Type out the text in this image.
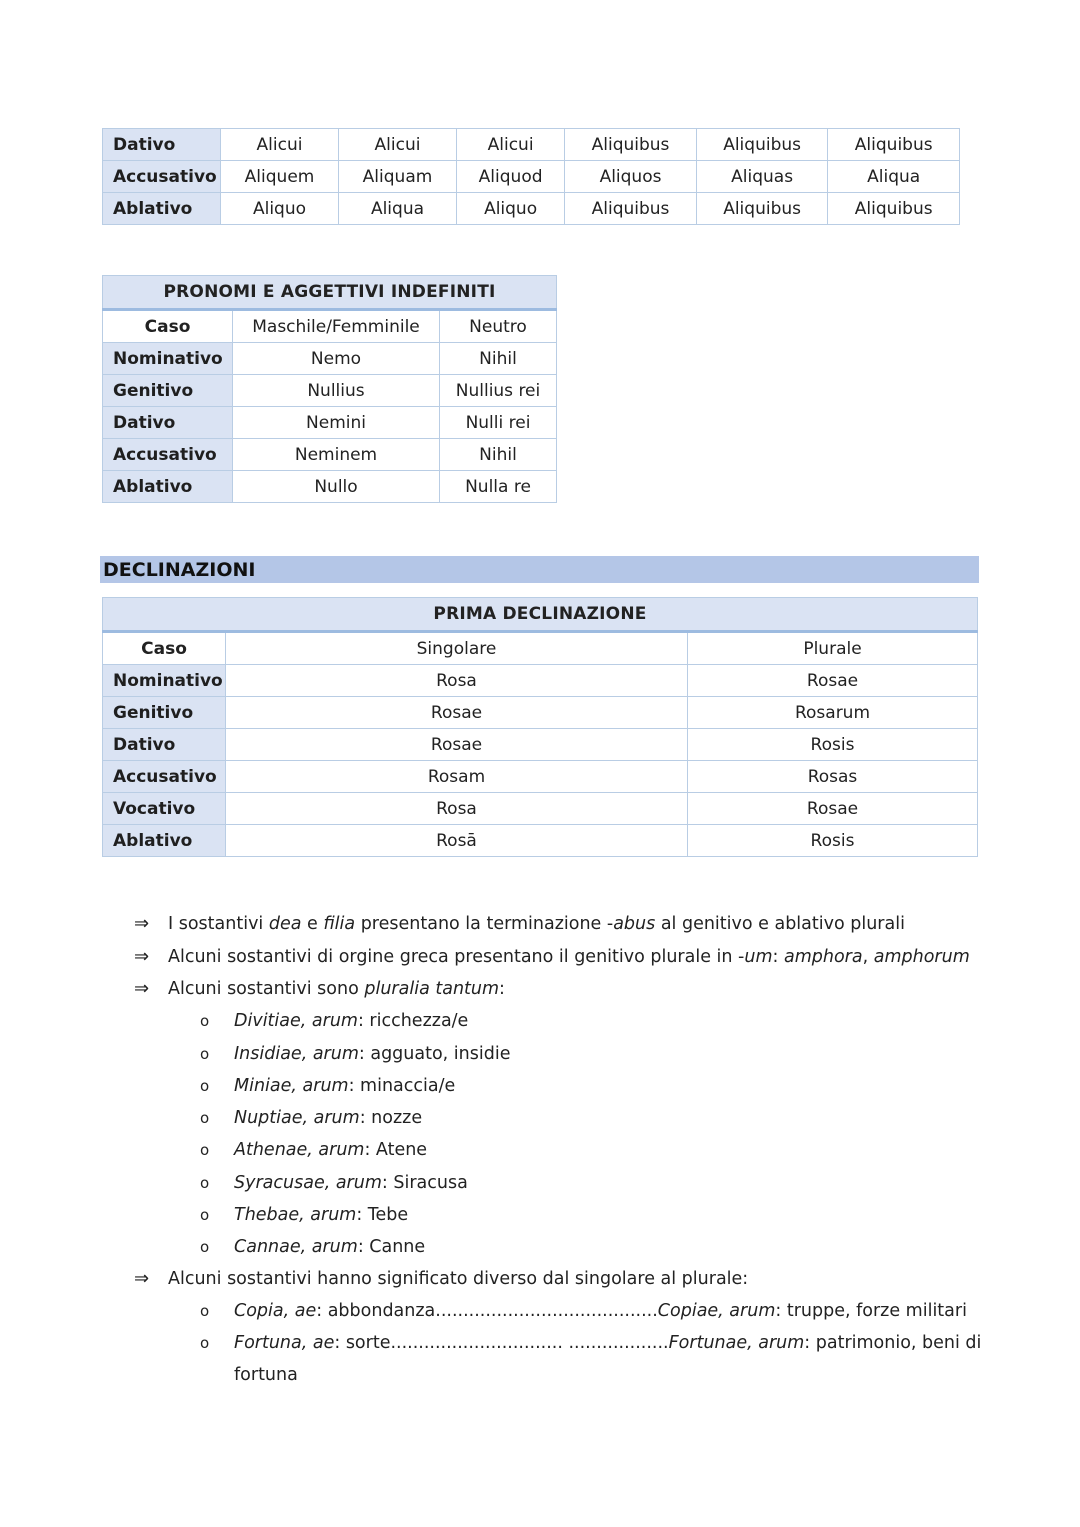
Dativo	Alicui	Alicui	Alicui	Aliquibus	Aliquibus	Aliquibus
Accusativo	Aliquem	Aliquam	Aliquod	Aliquos	Aliquas	Aliqua
Ablativo	Aliquo	Aliqua	Aliquo	Aliquibus	Aliquibus	Aliquibus
PRONOMI E AGGETTIVI INDEFINITI		
Caso	Maschile/Femminile	Neutro
Nominativo	Nemo	Nihil
Genitivo	Nullius	Nullius rei
Dativo	Nemini	Nulli rei
Accusativo	Neminem	Nihil
Ablativo	Nullo	Nulla re
DECLINAZIONI
PRIMA DECLINAZIONE		
Caso	Singolare	Plurale
Nominativo	Rosa	Rosae
Genitivo	Rosae	Rosarum
Dativo	Rosae	Rosis
Accusativo	Rosam	Rosas
Vocativo	Rosa	Rosae
Ablativo	Rosā	Rosis
⇒ I sostantivi dea e filia presentano la terminazione -abus al genitivo e ablativo plurali
⇒ Alcuni sostantivi di orgine greca presentano il genitivo plurale in -um: amphora, amphorum
⇒ Alcuni sostantivi sono pluralia tantum:
o Divitiae, arum: ricchezza/e
o Insidiae, arum: agguato, insidie
o Miniae, arum: minaccia/e
o Nuptiae, arum: nozze
o Athenae, arum: Atene
o Syracusae, arum: Siracusa
o Thebae, arum: Tebe
o Cannae, arum: Canne
⇒ Alcuni sostantivi hanno significato diverso dal singolare al plurale:
o Copia, ae: abbondanza........................................Copiae, arum: truppe, forze militari
o Fortuna, ae: sorte............................... ..................Fortunae, arum: patrimonio, beni di
fortuna
